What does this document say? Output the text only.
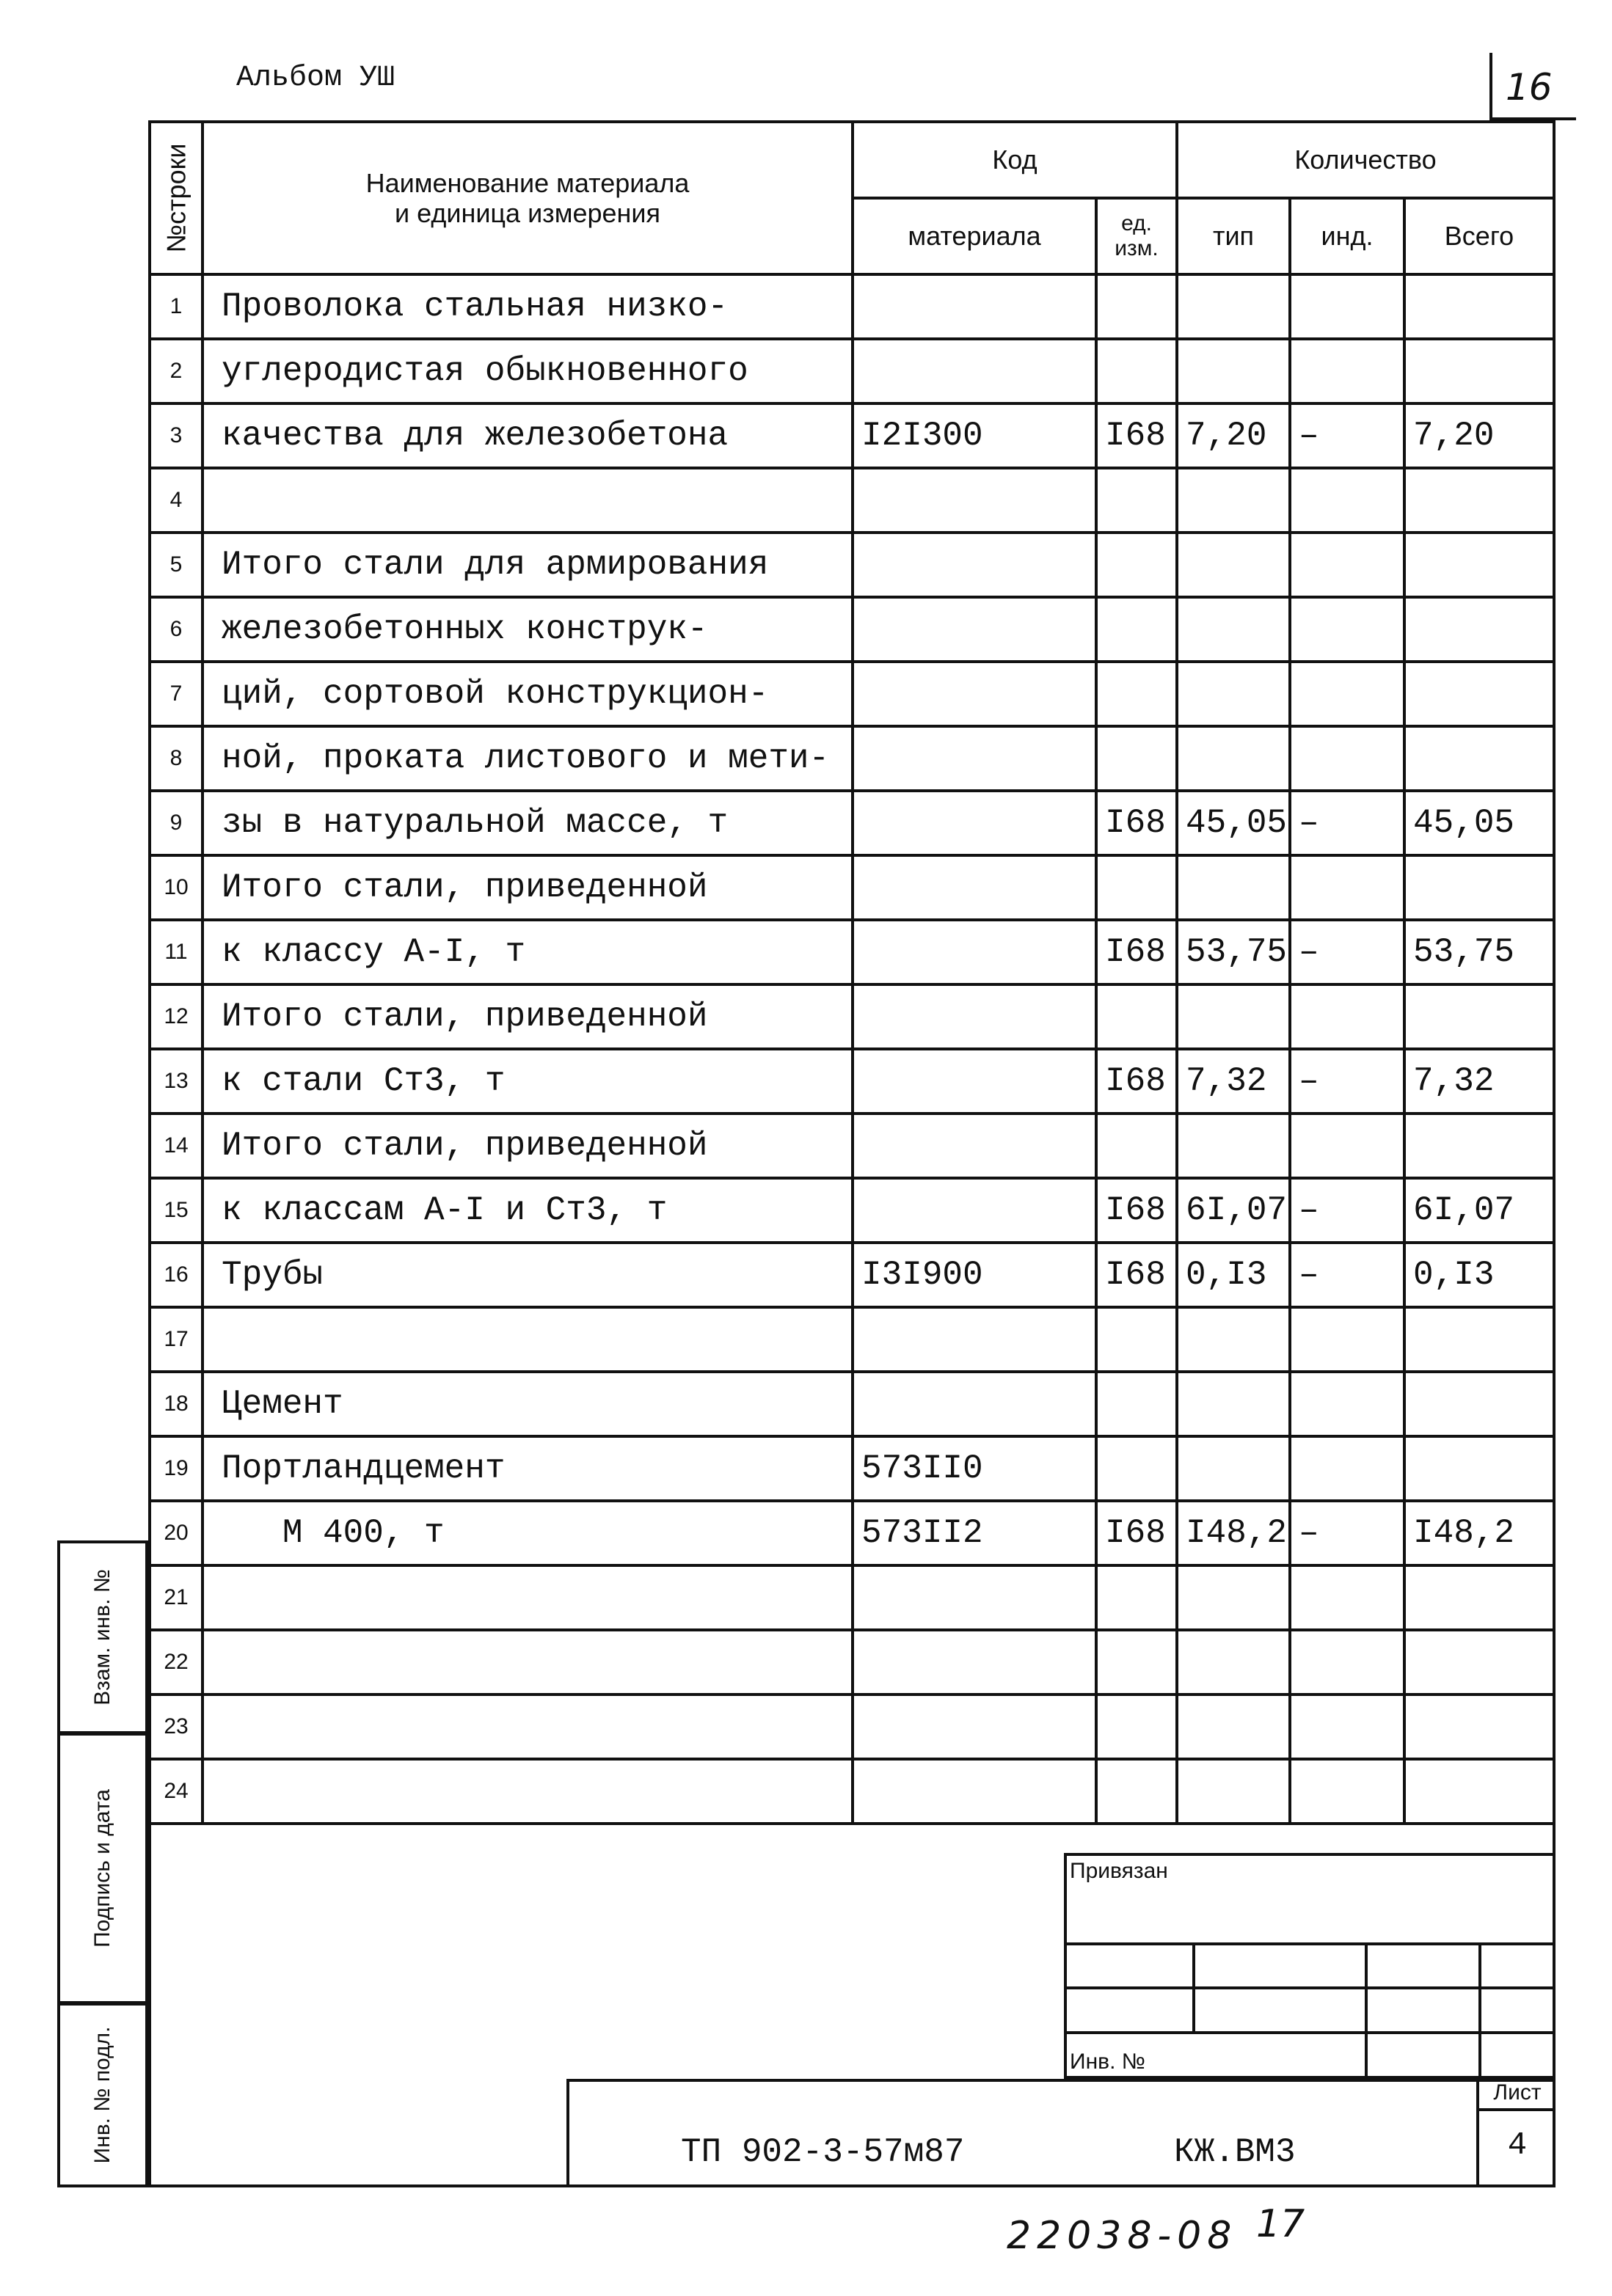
Альбом УШ	16
№строки	Наименование материала
и единица измерения	Код		Количество		
		материала	ед. изм.	тип	инд.	Всего
1	Проволока стальная низко-					
2	углеродистая обыкновенного					
3	качества для железобетона	I2I300	I68	7,20	–	7,20
4						
5	Итого стали для армирования					
6	железобетонных конструк-					
7	ций, сортовой конструкцион-					
8	ной, проката листового и мети-					
9	зы в натуральной массе, т		I68	45,05	–	45,05
10	Итого стали, приведенной					
11	к классу А-I, т		I68	53,75	–	53,75
12	Итого стали, приведенной					
13	к стали Ст3, т		I68	7,32	–	7,32
14	Итого стали, приведенной					
15	к классам А-I и Ст3, т		I68	6I,07	–	6I,07
16	Трубы	I3I900	I68	0,I3	–	0,I3
17						
18	Цемент					
19	Портландцемент	573II0				
20	М 400, т	573II2	I68	I48,2	–	I48,2
21						
22						
23						
24						
Взам. инв. №
Подпись и дата
Инв. № подл.
Привязан			

Инв. №			
ТП 902-3-57м87	КЖ.ВМ3
Лист
4
22038-08 17
